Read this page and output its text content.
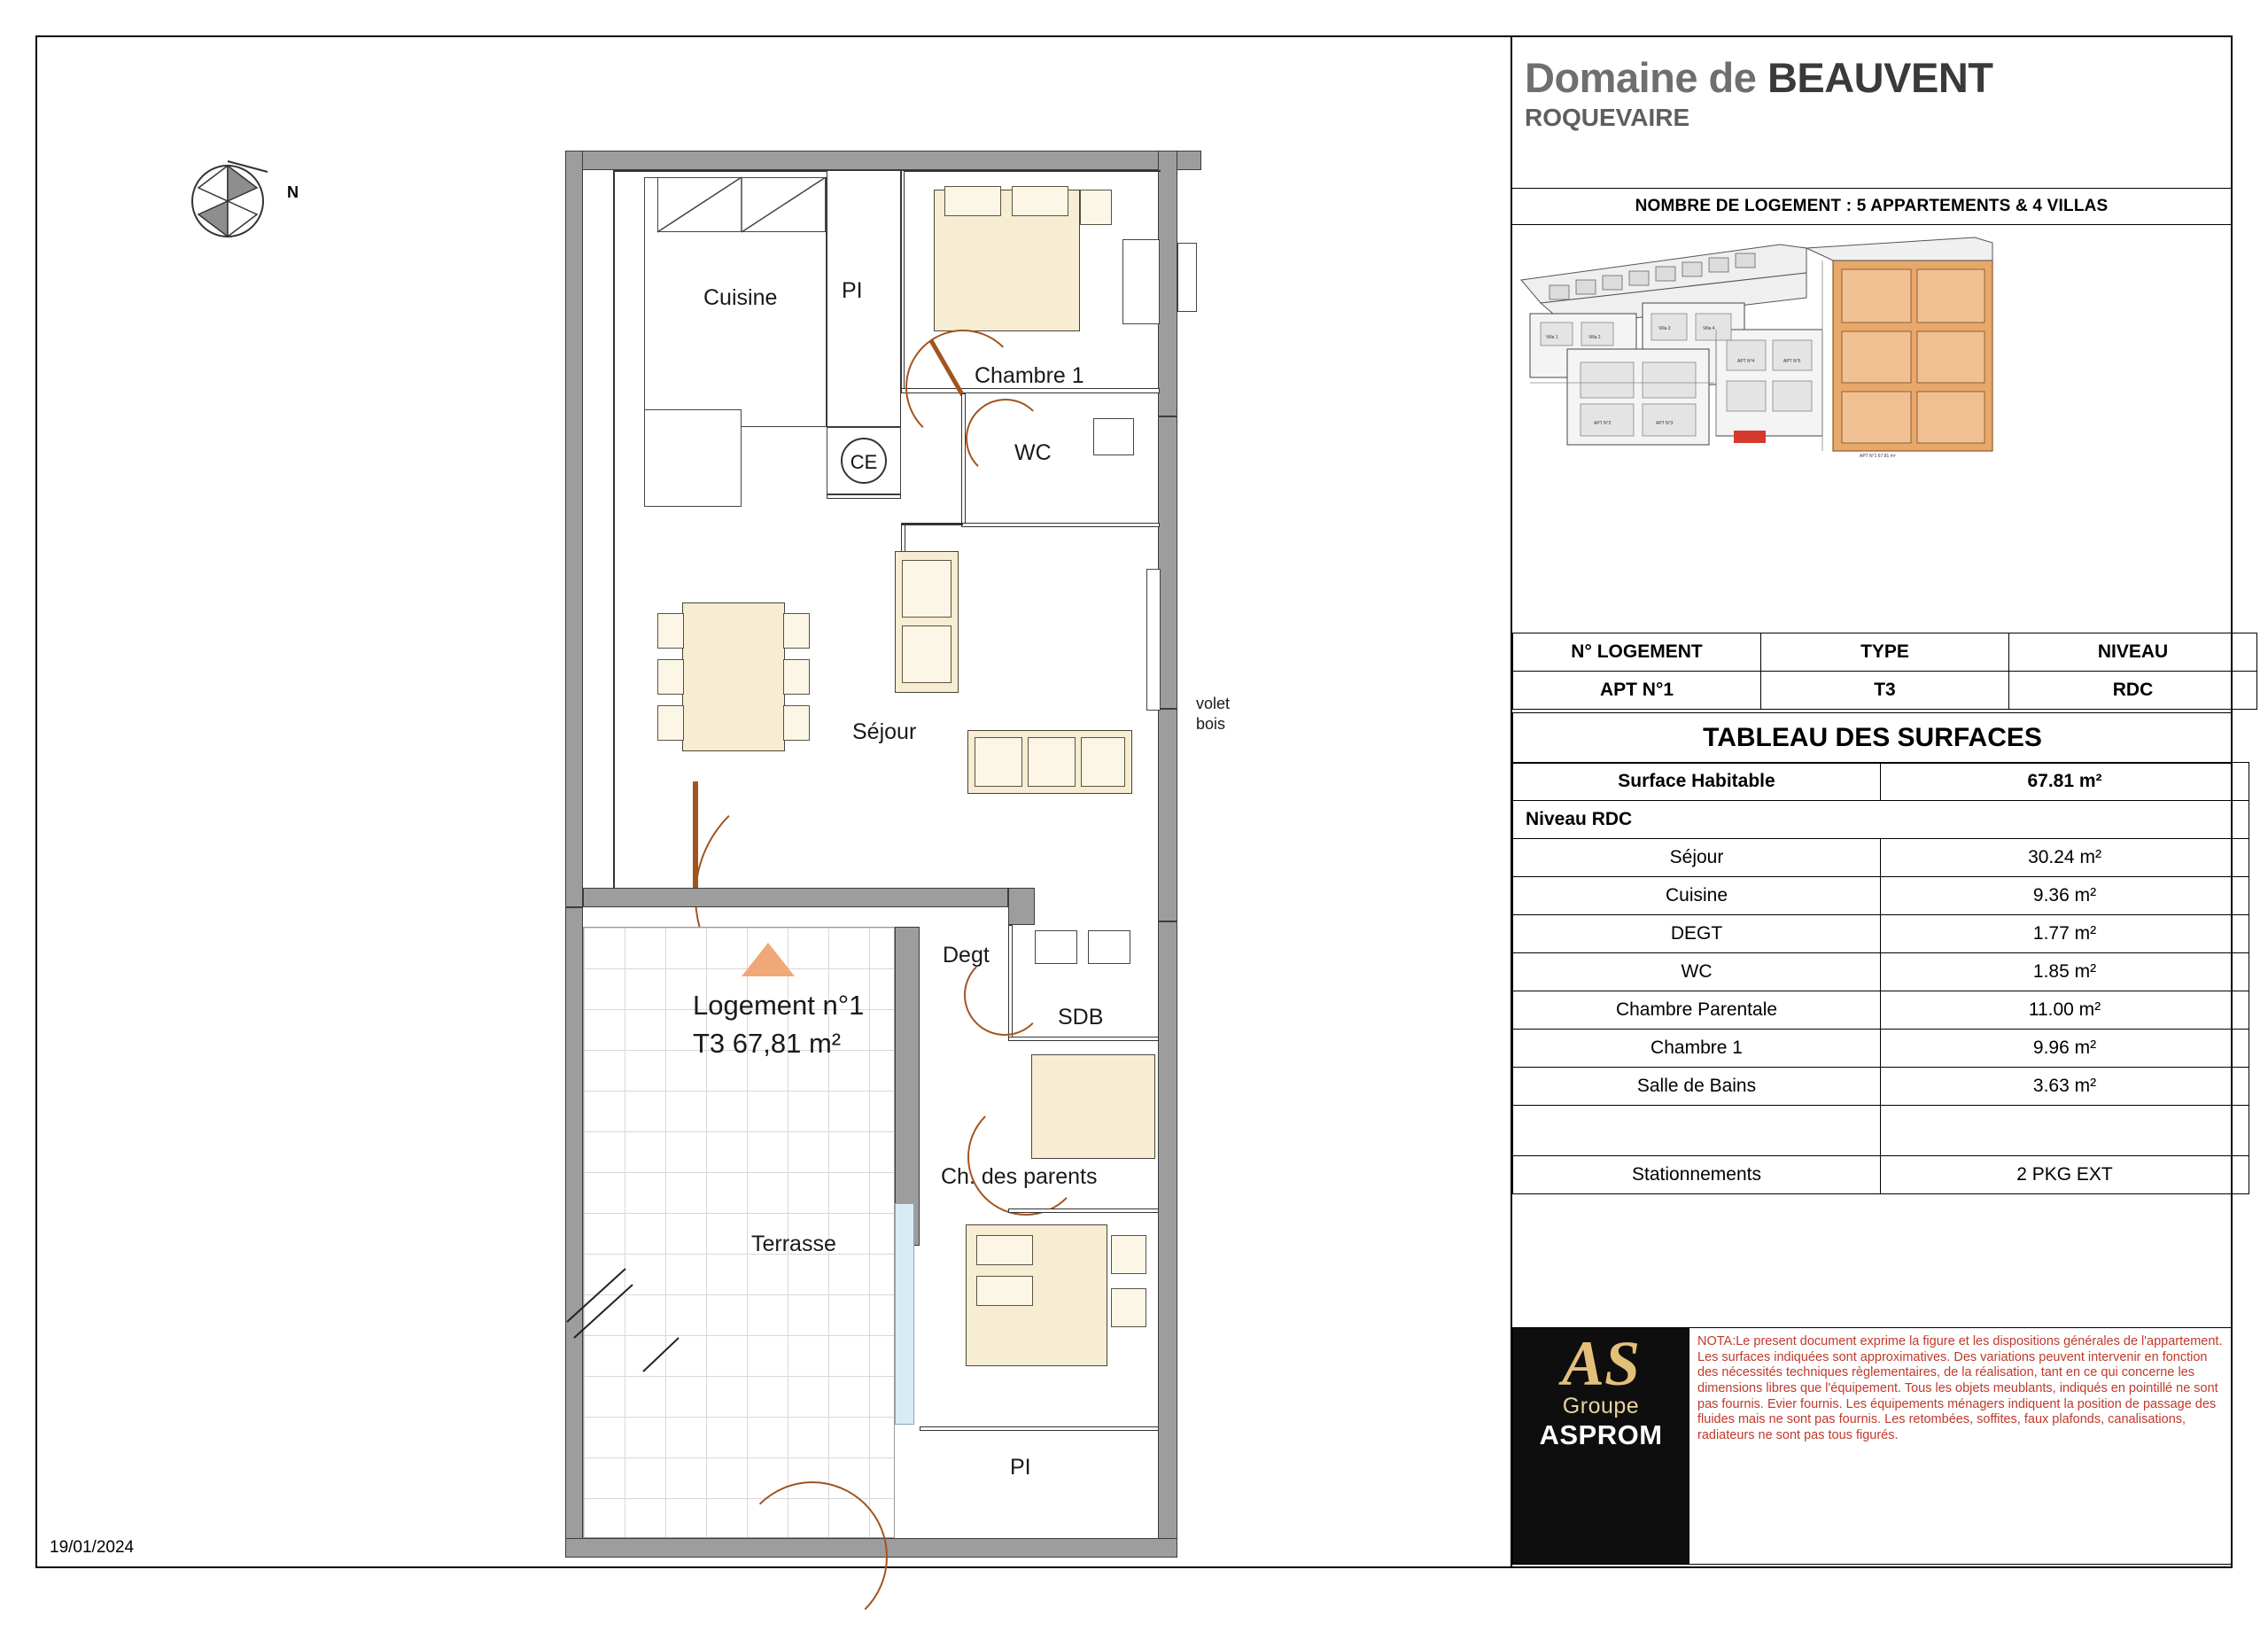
N
Cuisine	PI
CE
Chambre 1
WC
Séjour
volet
bois
Logement n°1
T3 67,81 m²
Terrasse
Degt
SDB
Ch. des parents
PI
19/01/2024
Domaine de BEAUVENT
ROQUEVAIRE
NOMBRE DE LOGEMENT : 5 APPARTEMENTS & 4 VILLAS
Villa 1	Villa 2
Villa 3	Villa 4
APT N°2	APT N°3
APT N°4	APT N°5
APT N°1 67.81 m²
N° LOGEMENT	TYPE	NIVEAU
APT N°1	T3	RDC
TABLEAU DES SURFACES
Surface Habitable	67.81 m²
Niveau RDC	
Séjour	30.24 m²
Cuisine	9.36 m²
DEGT	1.77 m²
WC	1.85 m²
Chambre Parentale	11.00 m²
Chambre 1	9.96 m²
Salle de Bains	3.63 m²

Stationnements	2 PKG EXT
AS
Groupe
ASPROM
NOTA:Le present document exprime la figure et les dispositions générales de l'appartement. Les surfaces indiquées sont approximatives. Des variations peuvent intervenir en fonction des nécessités techniques règlementaires, de la réalisation, tant en ce qui concerne les dimensions libres que l'équipement. Tous les objets meublants, indiqués en pointillé ne sont pas fournis. Evier fournis. Les équipements ménagers indiquent la position de passage des fluides mais ne sont pas fournis. Les retombées, soffites, faux plafonds, canalisations, radiateurs ne sont pas tous figurés.
